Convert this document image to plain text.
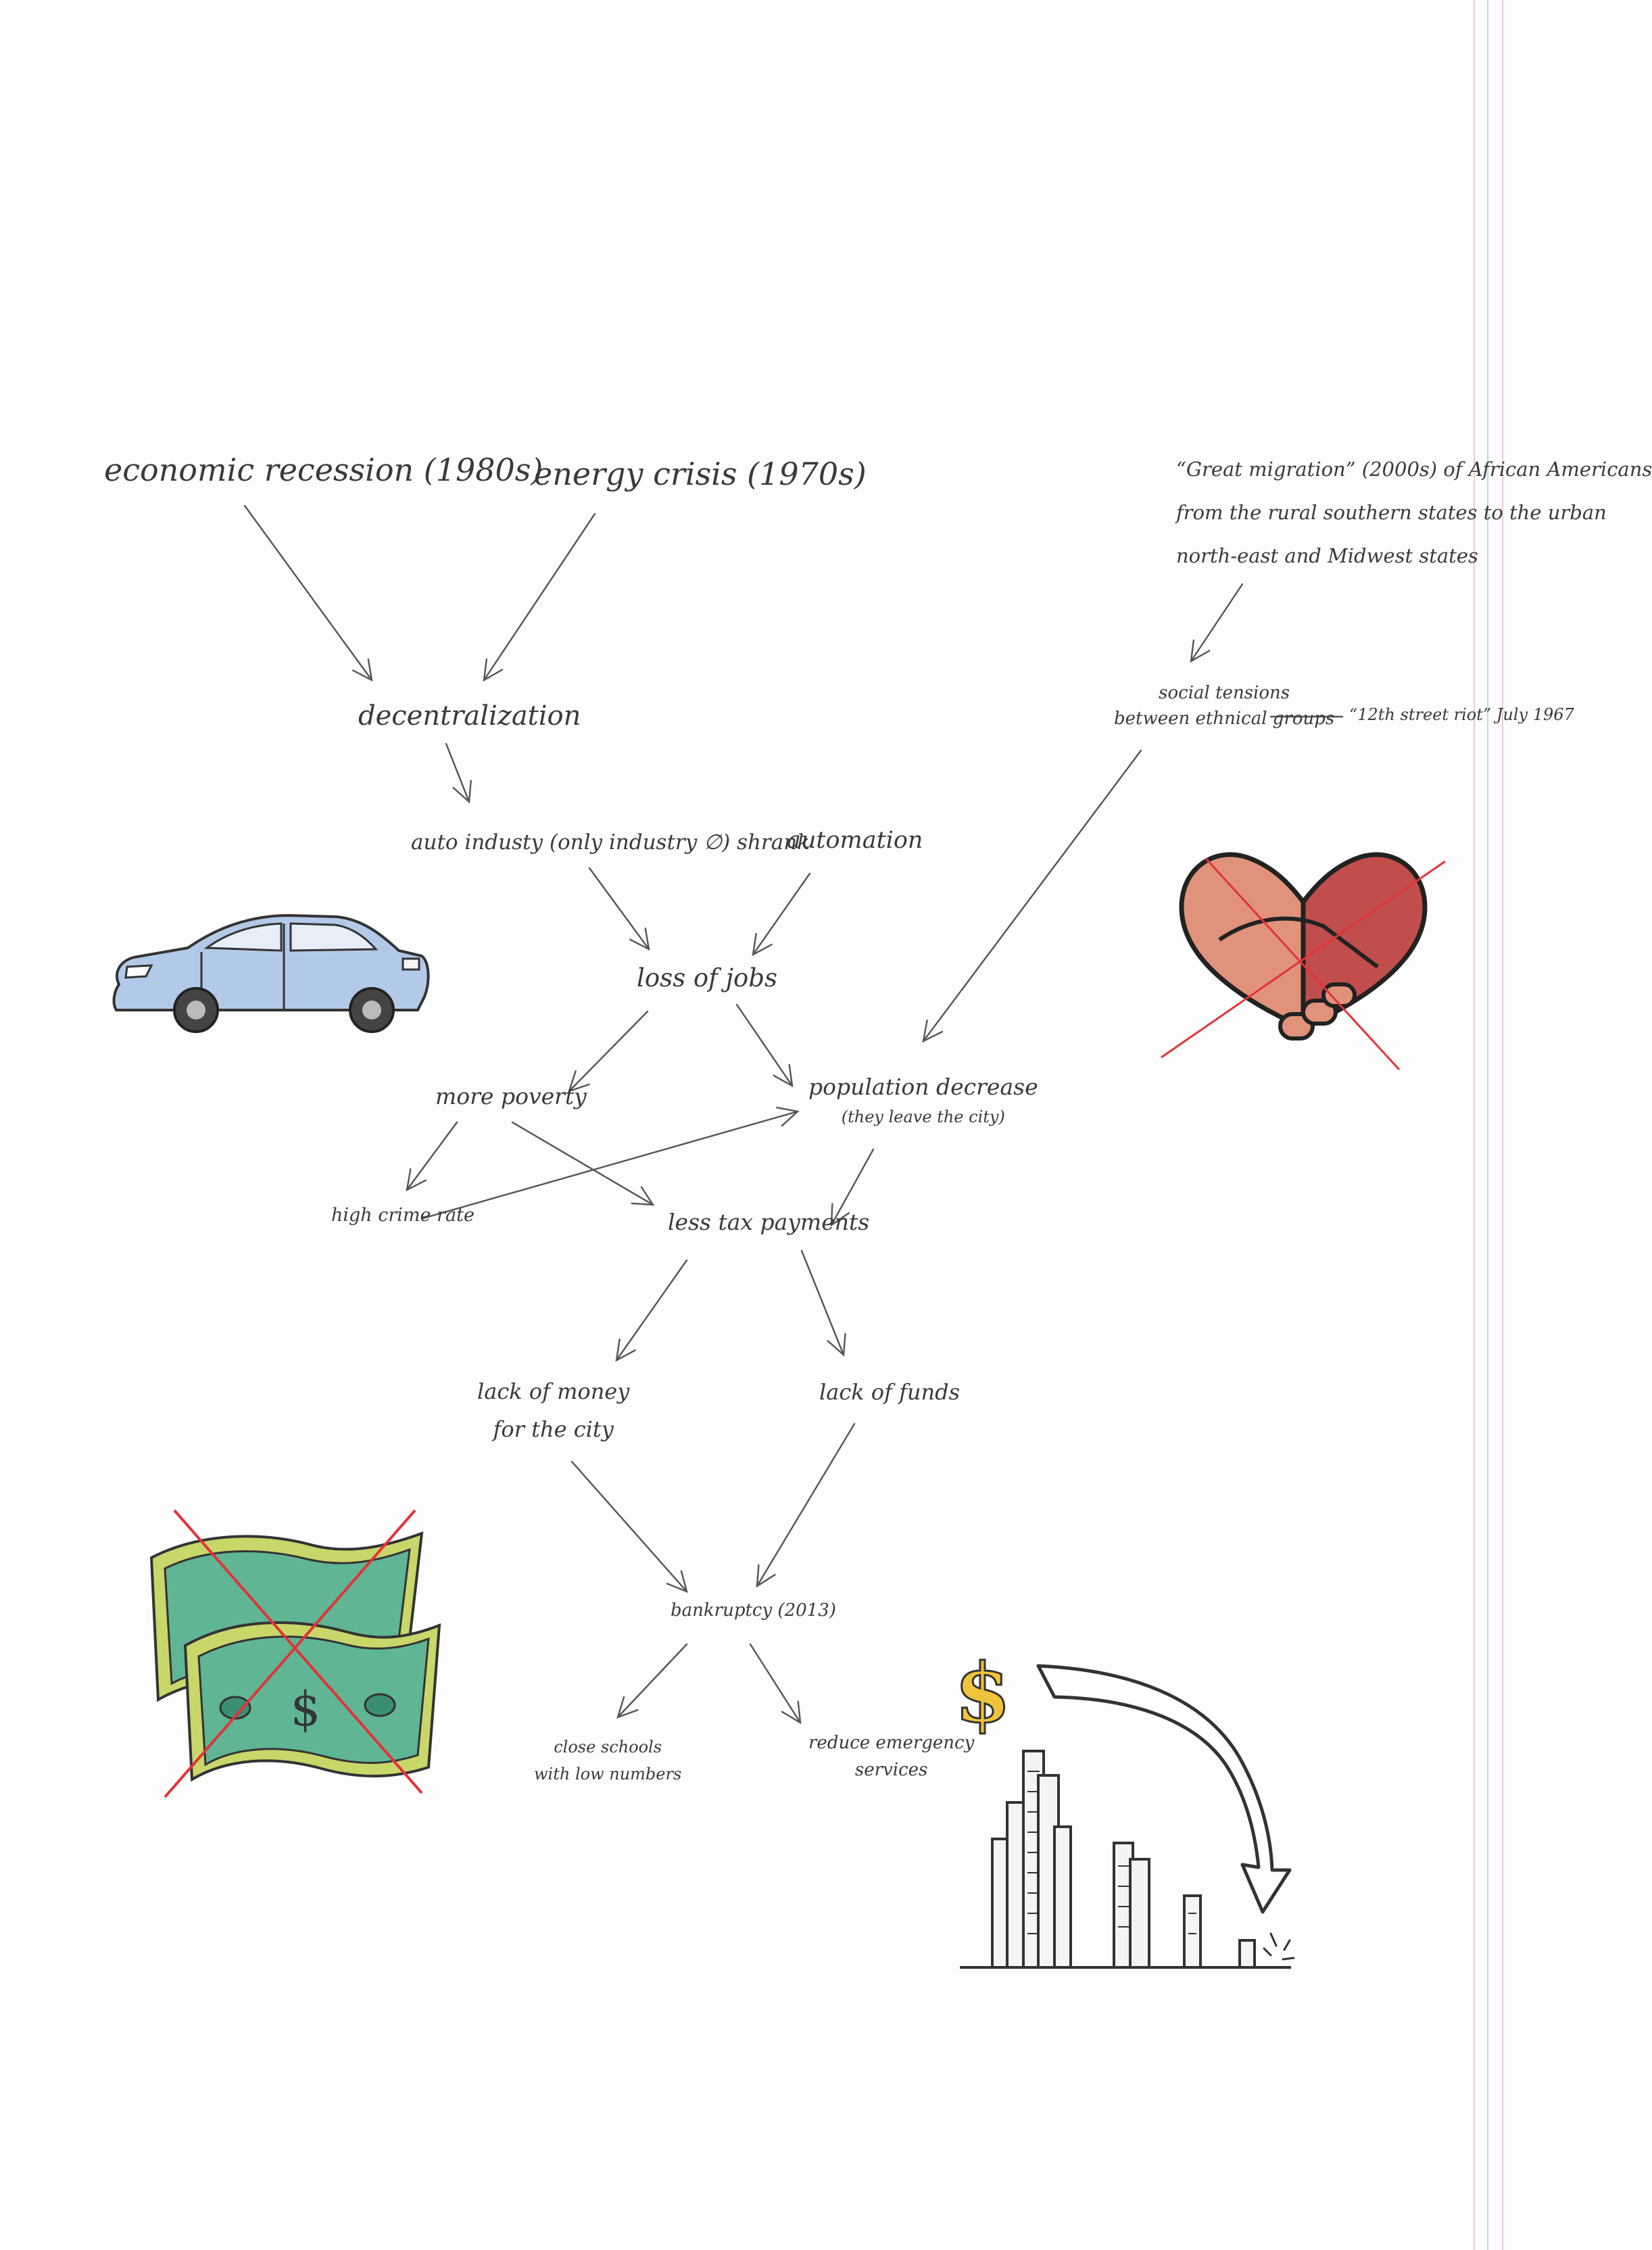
economic recession (1980s)
energy crisis (1970s)	“Great migration” (2000s) of African Americans
from the rural southern states to the urban
north-east and Midwest states
decentralization
social tensions
between ethnical groups “12th street riot” July 1967
auto industy (only industry ∅) shrank
automation
loss of jobs
more poverty	population decrease
(they leave the city)
high crime rate	less tax payments
lack of money
for the city
lack of funds
bankruptcy (2013)
close schools
with low numbers
reduce emergency
services
$	$
